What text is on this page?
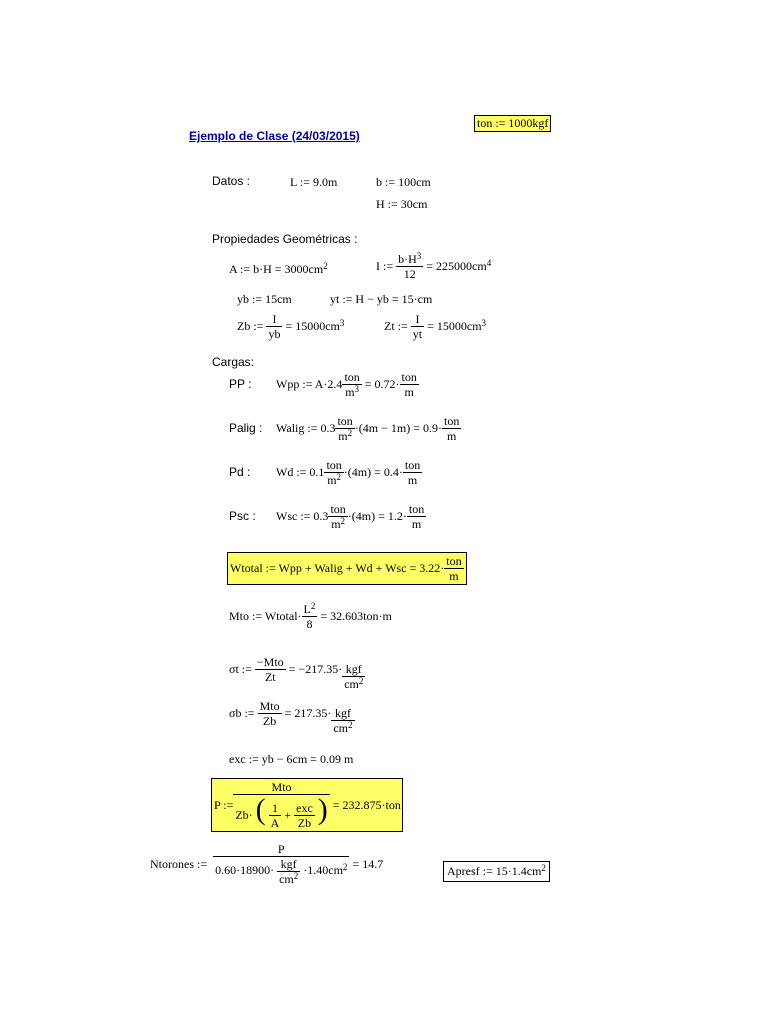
ton := 1000kgf
Ejemplo de Clase (24/03/2015)
Datos :	L := 9.0m	b := 100cm
H := 30cm
Propiedades Geométricas :
A := $b\cdot H = 3000cm^2$	I :=
$\frac{b\cdot H^3}{12}$
= $225000cm^4$
yb := 15cm	yt := H − yb = 15·cm
Zb :=
$\frac{I}{yb}$
= $15000cm^3$	Zt :=
$\frac{I}{yt}$
= $15000cm^3$
Cargas:
PP : Wpp := $A\cdot 2.4 \frac{\text{ton}}{m^3}$
= $0.72\cdot \frac{\text{ton}}{m}$
Palig : Walig := $0.3 \frac{\text{ton}}{m^2} \cdot(4m - 1m) = 0.9\cdot \frac{\text{ton}}{m}$
Pd : Wd := $0.1 \frac{\text{ton}}{m^2} \cdot(4m) = 0.4\cdot \frac{\text{ton}}{m}$
Psc : Wsc := $0.3 \frac{\text{ton}}{m^2} \cdot(4m) = 1.2\cdot \frac{\text{ton}}{m}$
Wtotal := Wpp + Walig + Wd + Wsc = $3.22\cdot \frac{\text{ton}}{m}$
Mto := Wtotal· $\frac{L^2}{8}$
= 32.603ton·m
σt :=
$\frac{\text{−Mto}}{Zt}$
= $-217.35\cdot \frac{\text{kgf}}{cm^2}$
σb :=
$\frac{\text{Mto}}{Zb}$
= $217.35\cdot \frac{\text{kgf}}{cm^2}$
exc := yb − 6cm = 0.09 m
P :=
Mto
Zb· ( $\frac{1}{A} + \frac{\text{exc}}{Zb}$ )
= 232.875·ton
Ntorones :=

P
$0.60\cdot 18900\cdot \frac{\text{kgf}}{cm^2} \cdot 1.40cm^2$
= 14.7
Apresf := $15\cdot 1.4cm^2$
